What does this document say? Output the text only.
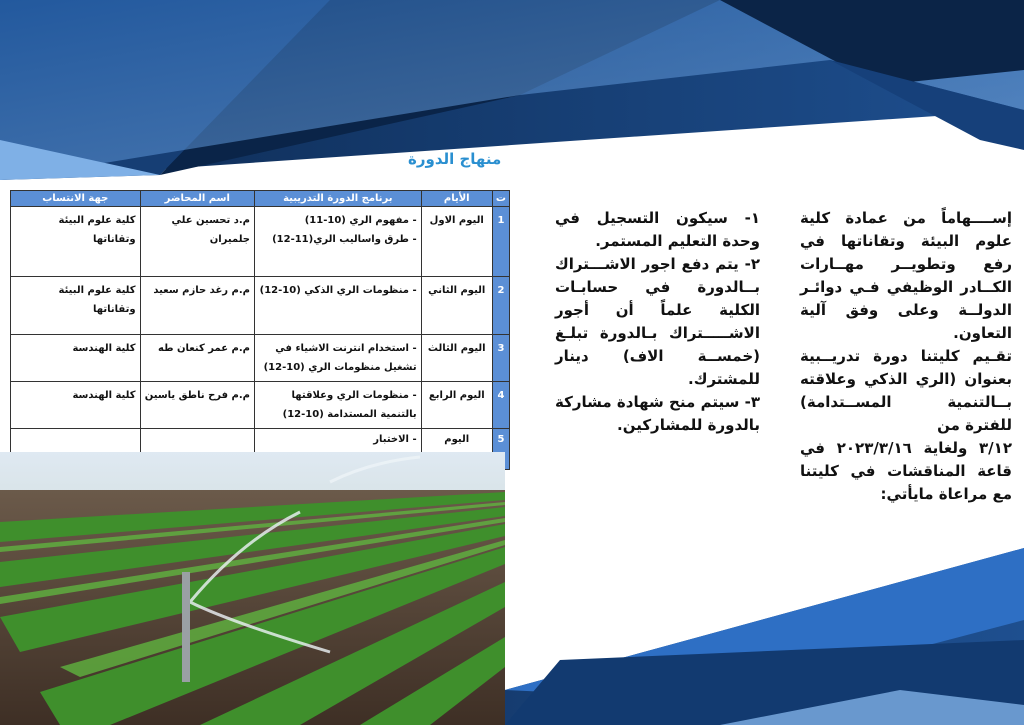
منهاج الدورة
ت	الأيام	برنامج الدورة التدريبية	اسم المحاضر	جهة الانتساب
1	اليوم الاول	- مفهوم الري (10-11)
- طرق واساليب الري(11-12)	م.د تحسين علي جلميران	كلية علوم البيئة وتقاناتها
2	اليوم الثاني	- منظومات الري الذكي (10-12)	م.م رغد حازم سعيد	كلية علوم البيئة وتقاناتها
3	اليوم الثالث	- استخدام انترنت الاشياء في
تشغيل منظومات الري (10-12)	م.م عمر كنعان طه	كلية الهندسة
4	اليوم الرابع	- منظومات الري وعلاقتها
بالتنمية المستدامة (10-12)	م.م فرح ناطق ياسين	كلية الهندسة
5	اليوم	- الاختبار		

إســــهاماً من عمادة كلية علوم البيئة وتقاناتها في رفع وتطويــر مهــارات الكــادر الوظيفي فـي دوائـر الدولــة وعلى وفق آلية التعاون.

تقـيم كليتنا دورة تدريــبية بعنوان (الري الذكي وعلاقته بــالتنمية المســتدامة) للفترة من

٣/١٢ ولغاية ٢٠٢٣/٣/١٦ في قاعة المناقشات في كليتنا مع مراعاة مايأتي:

١- سيكون التسجيل في وحدة التعليم المستمر.

٢- يتم دفع اجور الاشـــتراك بــالدورة في حسابـات الكلية علماً أن أجور الاشـــــتراك بـالدورة تبلـغ (خمســة الاف) دينار للمشترك.

٣- سيتم منح شهادة مشاركة بالدورة للمشاركين.
